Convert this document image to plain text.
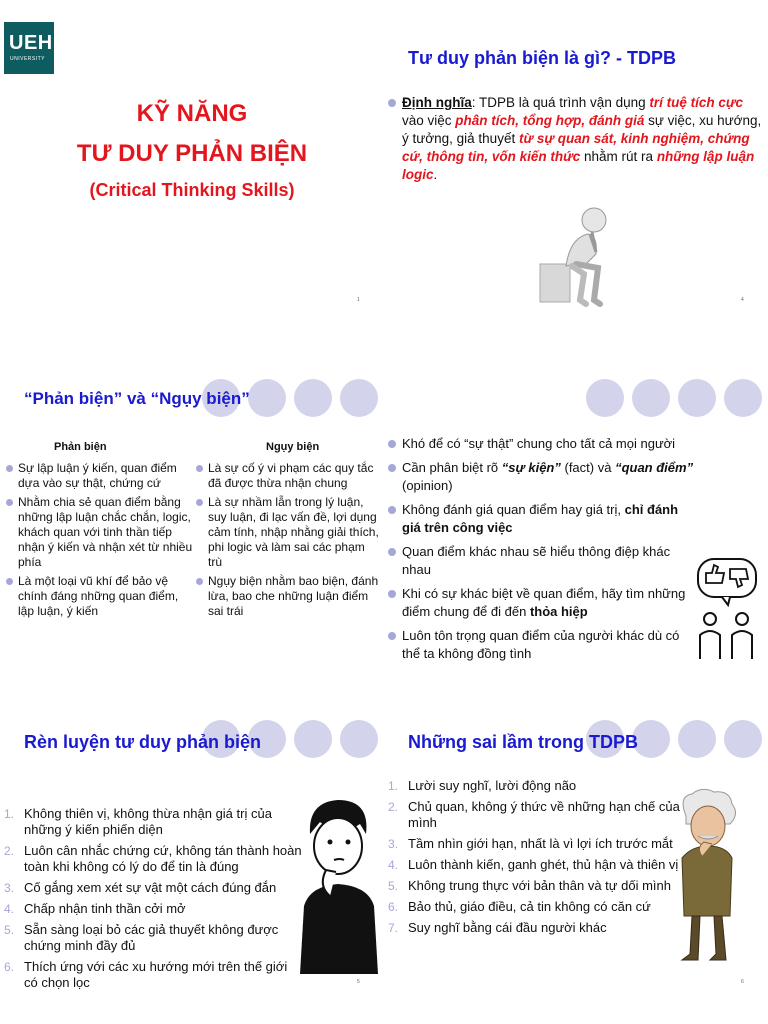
UEH
UNIVERSITY
KỸ NĂNG
TƯ DUY PHẢN BIỆN
(Critical Thinking Skills)
1
Tư duy phản biện là gì? - TDPB
Định nghĩa: TDPB là quá trình vận dụng trí tuệ tích cực vào việc phân tích, tổng hợp, đánh giá sự việc, xu hướng, ý tưởng, giả thuyết từ sự quan sát, kinh nghiệm, chứng cứ, thông tin, vốn kiến thức nhằm rút ra những lập luận logic.
4
“Phản biện” và “Ngụy biện”
Phản biện	Ngụy biện
Sự lập luận ý kiến, quan điểm dựa vào sự thật, chứng cứ
Nhằm chia sẻ quan điểm bằng những lập luận chắc chắn, logic, khách quan với tinh thần tiếp nhận ý kiến và nhận xét từ nhiều phía
Là một loại vũ khí để bảo vệ chính đáng những quan điểm, lập luận, ý kiến
Là sự cố ý vi phạm các quy tắc đã được thừa nhận chung
Là sự nhầm lẫn trong lý luận, suy luận, đi lạc vấn đề, lợi dụng cảm tính, nhập nhằng giải thích, phi logic và làm sai các phạm trù
Ngụy biện nhằm bao biện, đánh lừa, bao che những luận điểm sai trái
Khó để có “sự thật” chung cho tất cả mọi người
Cần phân biệt rõ “sự kiện” (fact) và “quan điểm” (opinion)
Không đánh giá quan điểm hay giá trị, chỉ đánh giá trên công việc
Quan điểm khác nhau sẽ hiểu thông điệp khác nhau
Khi có sự khác biệt về quan điểm, hãy tìm những điểm chung để đi đến thỏa hiệp
Luôn tôn trọng quan điểm của người khác dù có thể ta không đồng tình
Rèn luyện tư duy phản biện
1. Không thiên vị, không thừa nhận giá trị của những ý kiến phiến diện
2. Luôn cân nhắc chứng cứ, không tán thành hoàn toàn khi không có lý do để tin là đúng
3. Cố gắng xem xét sự vật một cách đúng đắn
4. Chấp nhận tinh thần cởi mở
5. Sẵn sàng loại bỏ các giả thuyết không được chứng minh đầy đủ
6. Thích ứng với các xu hướng mới trên thế giới có chọn lọc	5
Những sai lầm trong TDPB
1. Lười suy nghĩ, lười động não
2. Chủ quan, không ý thức về những hạn chế của mình
3. Tầm nhìn giới hạn, nhất là vì lợi ích trước mắt
4. Luôn thành kiến, ganh ghét, thủ hận và thiên vị
5. Không trung thực với bản thân và tự dối mình
6. Bảo thủ, giáo điều, cả tin không có căn cứ
7. Suy nghĩ bằng cái đầu người khác
6
